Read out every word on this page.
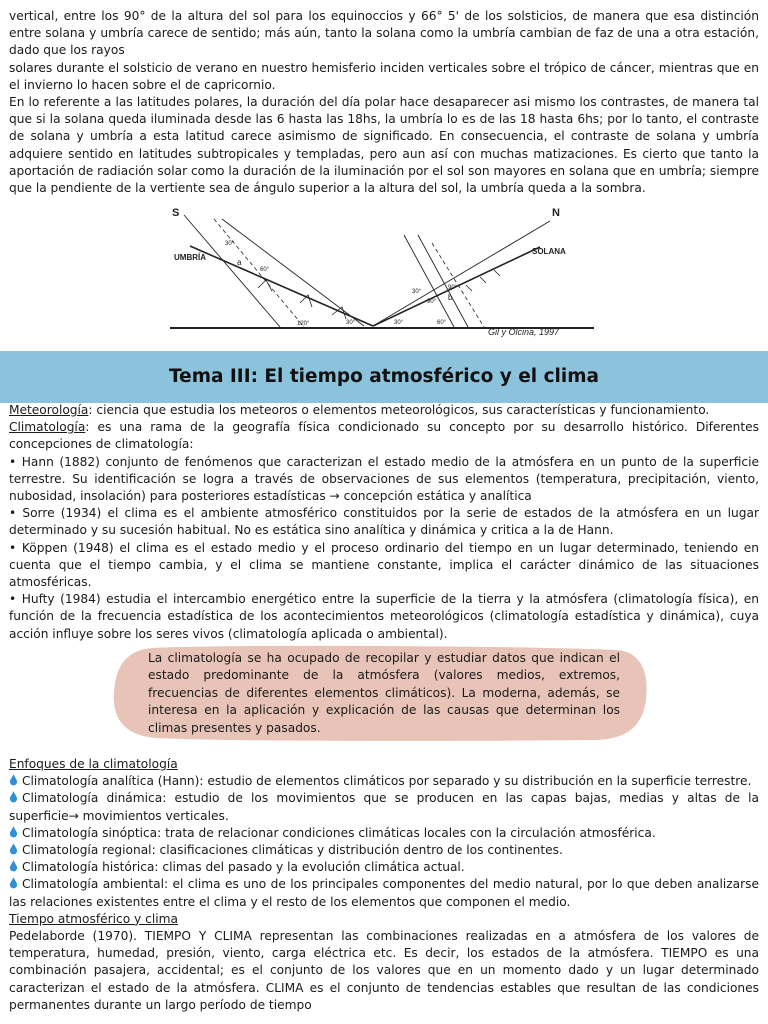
vertical, entre los 90° de la altura del sol para los equinoccios y 66° 5' de los solsticios, de manera que esa distinción entre solana y umbría carece de sentido; más aún, tanto la solana como la umbría cambian de faz de una a otra estación, dado que los rayos

solares durante el solsticio de verano en nuestro hemisferio inciden verticales sobre el trópico de cáncer, mientras que en el invierno lo hacen sobre el de capricornio.

En lo referente a las latitudes polares, la duración del día polar hace desaparecer asi mismo los contrastes, de manera tal que si la solana queda iluminada desde las 6 hasta las 18hs, la umbría lo es de las 18 hasta 6hs; por lo tanto, el contraste de solana y umbría a esta latitud carece asimismo de significado. En consecuencia, el contraste de solana y umbría adquiere sentido en latitudes subtropicales y templadas, pero aun así con muchas matizaciones. Es cierto que tanto la aportación de radiación solar como la duración de la iluminación por el sol son mayores en solana que en umbría; siempre que la pendiente de la vertiente sea de ángulo superior a la altura del sol, la umbría queda a la sombra.

S	N
UMBRÍA
SOLANA
30°
a
60°
120°	30°	30°	60°
90°
30°
90°
b
Gil y Olcina, 1997
Tema III: El tiempo atmosférico y el clima

Meteorología: ciencia que estudia los meteoros o elementos meteorológicos, sus características y funcionamiento.

Climatología: es una rama de la geografía física condicionado su concepto por su desarrollo histórico. Diferentes concepciones de climatología:

• Hann (1882) conjunto de fenómenos que caracterizan el estado medio de la atmósfera en un punto de la superficie terrestre. Su identificación se logra a través de observaciones de sus elementos (temperatura, precipitación, viento, nubosidad, insolación) para posteriores estadísticas → concepción estática y analítica

• Sorre (1934) el clima es el ambiente atmosférico constituidos por la serie de estados de la atmósfera en un lugar determinado y su sucesión habitual. No es estática sino analítica y dinámica y critica a la de Hann.

• Köppen (1948) el clima es el estado medio y el proceso ordinario del tiempo en un lugar determinado, teniendo en cuenta que el tiempo cambia, y el clima se mantiene constante, implica el carácter dinámico de las situaciones atmosféricas.

• Hufty (1984) estudia el intercambio energético entre la superficie de la tierra y la atmósfera (climatología física), en función de la frecuencia estadística de los acontecimientos meteorológicos (climatología estadística y dinámica), cuya acción influye sobre los seres vivos (climatología aplicada o ambiental).

La climatología se ha ocupado de recopilar y estudiar datos que indican el estado predominante de la atmósfera (valores medios, extremos, frecuencias de diferentes elementos climáticos). La moderna, además, se interesa en la aplicación y explicación de las causas que determinan los climas presentes y pasados.

Enfoques de la climatología

Climatología analítica (Hann): estudio de elementos climáticos por separado y su distribución en la superficie terrestre.

Climatología dinámica: estudio de los movimientos que se producen en las capas bajas, medias y altas de la superficie→ movimientos verticales.

Climatología sinóptica: trata de relacionar condiciones climáticas locales con la circulación atmosférica.

Climatología regional: clasificaciones climáticas y distribución dentro de los continentes.

Climatología histórica: climas del pasado y la evolución climática actual.

Climatología ambiental: el clima es uno de los principales componentes del medio natural, por lo que deben analizarse las relaciones existentes entre el clima y el resto de los elementos que componen el medio.

Tiempo atmosférico y clima

Pedelaborde (1970). TIEMPO Y CLIMA representan las combinaciones realizadas en a atmósfera de los valores de temperatura, humedad, presión, viento, carga eléctrica etc. Es decir, los estados de la atmósfera. TIEMPO es una combinación pasajera, accidental; es el conjunto de los valores que en un momento dado y un lugar determinado caracterizan el estado de la atmósfera. CLIMA es el conjunto de tendencias estables que resultan de las condiciones permanentes durante un largo período de tiempo
